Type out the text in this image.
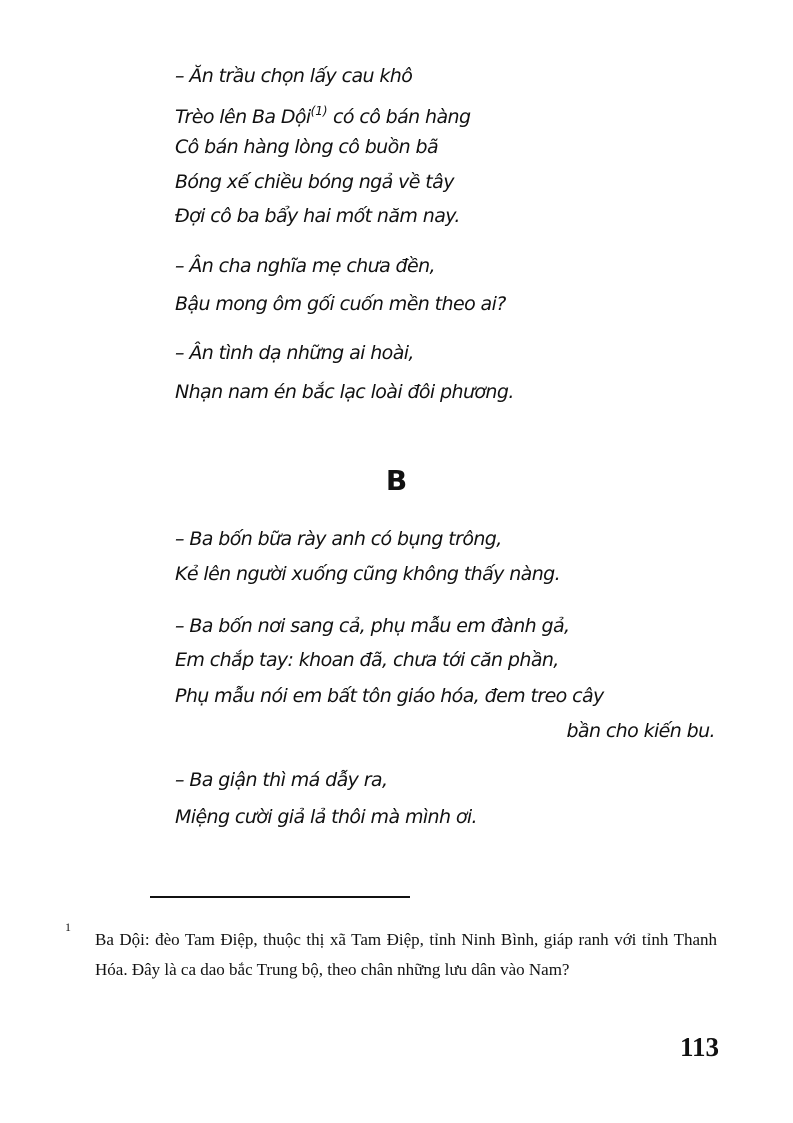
– Ăn trầu chọn lấy cau khô
Trèo lên Ba Dội$^{(1)}$ có cô bán hàng
Cô bán hàng lòng cô buồn bã
Bóng xế chiều bóng ngả về tây
Đợi cô ba bẩy hai mốt năm nay.
– Ân cha nghĩa mẹ chưa đền,
Bậu mong ôm gối cuốn mền theo ai?
– Ân tình dạ những ai hoài,
Nhạn nam én bắc lạc loài đôi phương.
B
– Ba bốn bữa rày anh có bụng trông,
Kẻ lên người xuống cũng không thấy nàng.
– Ba bốn nơi sang cả, phụ mẫu em đành gả,
Em chắp tay: khoan đã, chưa tới căn phần,
Phụ mẫu nói em bất tôn giáo hóa, đem treo cây
bần cho kiến bu.
– Ba giận thì má dẫy ra,
Miệng cười giả lả thôi mà mình ơi.
1
Ba Dội: đèo Tam Điệp, thuộc thị xã Tam Điệp, tỉnh Ninh Bình, giáp ranh với tỉnh Thanh Hóa. Đây là ca dao bắc Trung bộ, theo chân những lưu dân vào Nam?
113
